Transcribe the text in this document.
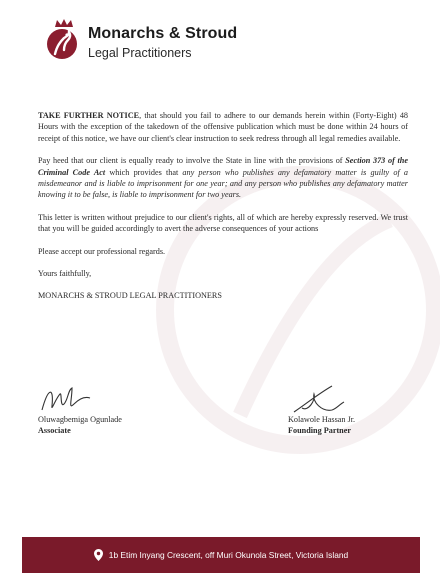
Monarchs & Stroud
Legal Practitioners

TAKE FURTHER NOTICE, that should you fail to adhere to our demands herein within (Forty-Eight) 48 Hours with the exception of the takedown of the offensive publication which must be done within 24 hours of receipt of this notice, we have our client's clear instruction to seek redress through all legal remedies available.

Pay heed that our client is equally ready to involve the State in line with the provisions of Section 373 of the Criminal Code Act which provides that any person who publishes any defamatory matter is guilty of a misdemeanor and is liable to imprisonment for one year; and any person who publishes any defamatory matter knowing it to be false, is liable to imprisonment for two years.

This letter is written without prejudice to our client's rights, all of which are hereby expressly reserved. We trust that you will be guided accordingly to avert the adverse consequences of your actions

Please accept our professional regards.

Yours faithfully,

MONARCHS & STROUD LEGAL PRACTITIONERS

Oluwagbemiga Ogunlade
Associate
Kolawole Hassan Jr.
Founding Partner
1b Etim Inyang Crescent, off Muri Okunola Street, Victoria Island
